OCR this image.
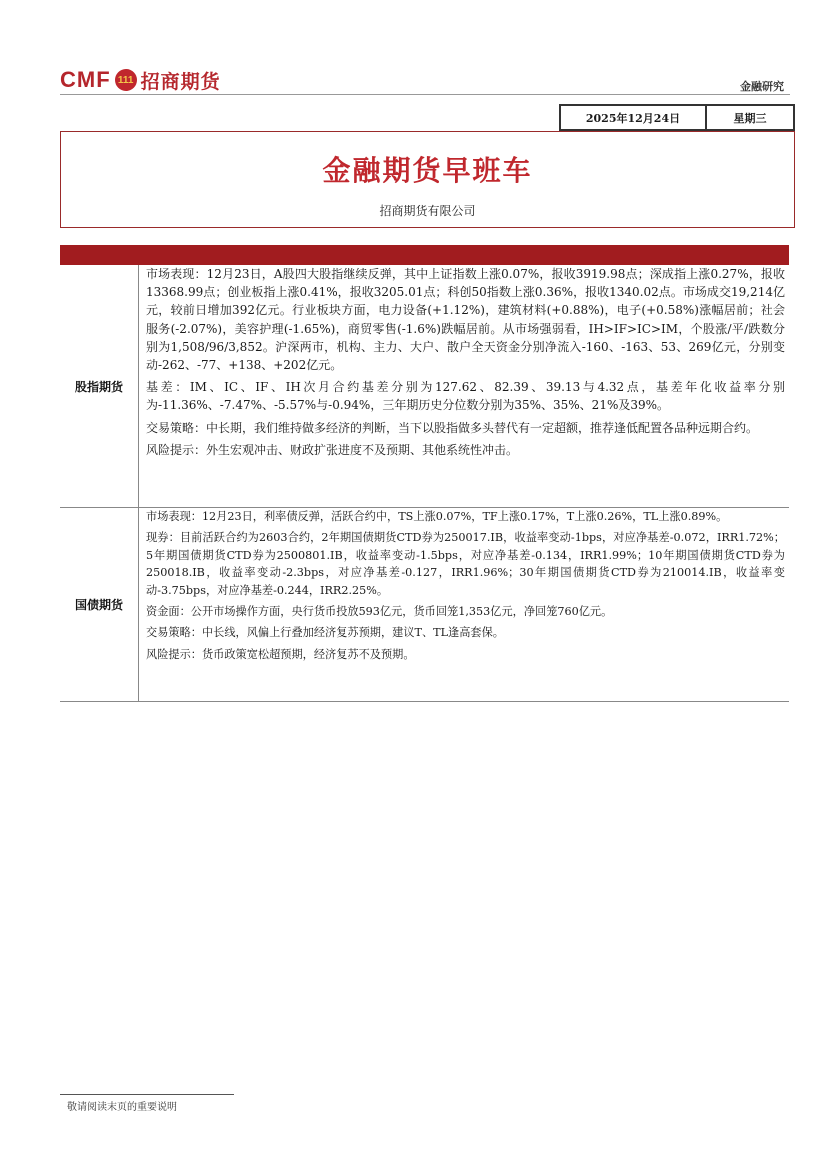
CMF 111 招商期货	金融研究
2025年12月24日	星期三
金融期货早班车
招商期货有限公司
股指期货

市场表现：12月23日，A股四大股指继续反弹，其中上证指数上涨0.07%，报收3919.98点；深成指上涨0.27%，报收13368.99点；创业板指上涨0.41%，报收3205.01点；科创50指数上涨0.36%，报收1340.02点。市场成交19,214亿元，较前日增加392亿元。行业板块方面，电力设备(+1.12%)，建筑材料(+0.88%)，电子(+0.58%)涨幅居前；社会服务(-2.07%)，美容护理(-1.65%)，商贸零售(-1.6%)跌幅居前。从市场强弱看，IH>IF>IC>IM，个股涨/平/跌数分别为1,508/96/3,852。沪深两市，机构、主力、大户、散户全天资金分别净流入-160、-163、53、269亿元，分别变动-262、-77、+138、+202亿元。

基差：IM、IC、IF、IH次月合约基差分别为127.62、82.39、39.13与4.32点，基差年化收益率分别为-11.36%、-7.47%、-5.57%与-0.94%，三年期历史分位数分别为35%、35%、21%及39%。

交易策略：中长期，我们维持做多经济的判断，当下以股指做多头替代有一定超额，推荐逢低配置各品种远期合约。

风险提示：外生宏观冲击、财政扩张进度不及预期、其他系统性冲击。

国债期货

市场表现：12月23日，利率债反弹，活跃合约中，TS上涨0.07%，TF上涨0.17%，T上涨0.26%，TL上涨0.89%。

现券：目前活跃合约为2603合约，2年期国债期货CTD券为250017.IB，收益率变动-1bps，对应净基差-0.072，IRR1.72%；5年期国债期货CTD券为2500801.IB，收益率变动-1.5bps，对应净基差-0.134，IRR1.99%；10年期国债期货CTD券为250018.IB，收益率变动-2.3bps，对应净基差-0.127，IRR1.96%；30年期国债期货CTD券为210014.IB，收益率变动-3.75bps，对应净基差-0.244，IRR2.25%。

资金面：公开市场操作方面，央行货币投放593亿元，货币回笼1,353亿元，净回笼760亿元。

交易策略：中长线，风偏上行叠加经济复苏预期，建议T、TL逢高套保。

风险提示：货币政策宽松超预期，经济复苏不及预期。

敬请阅读末页的重要说明
